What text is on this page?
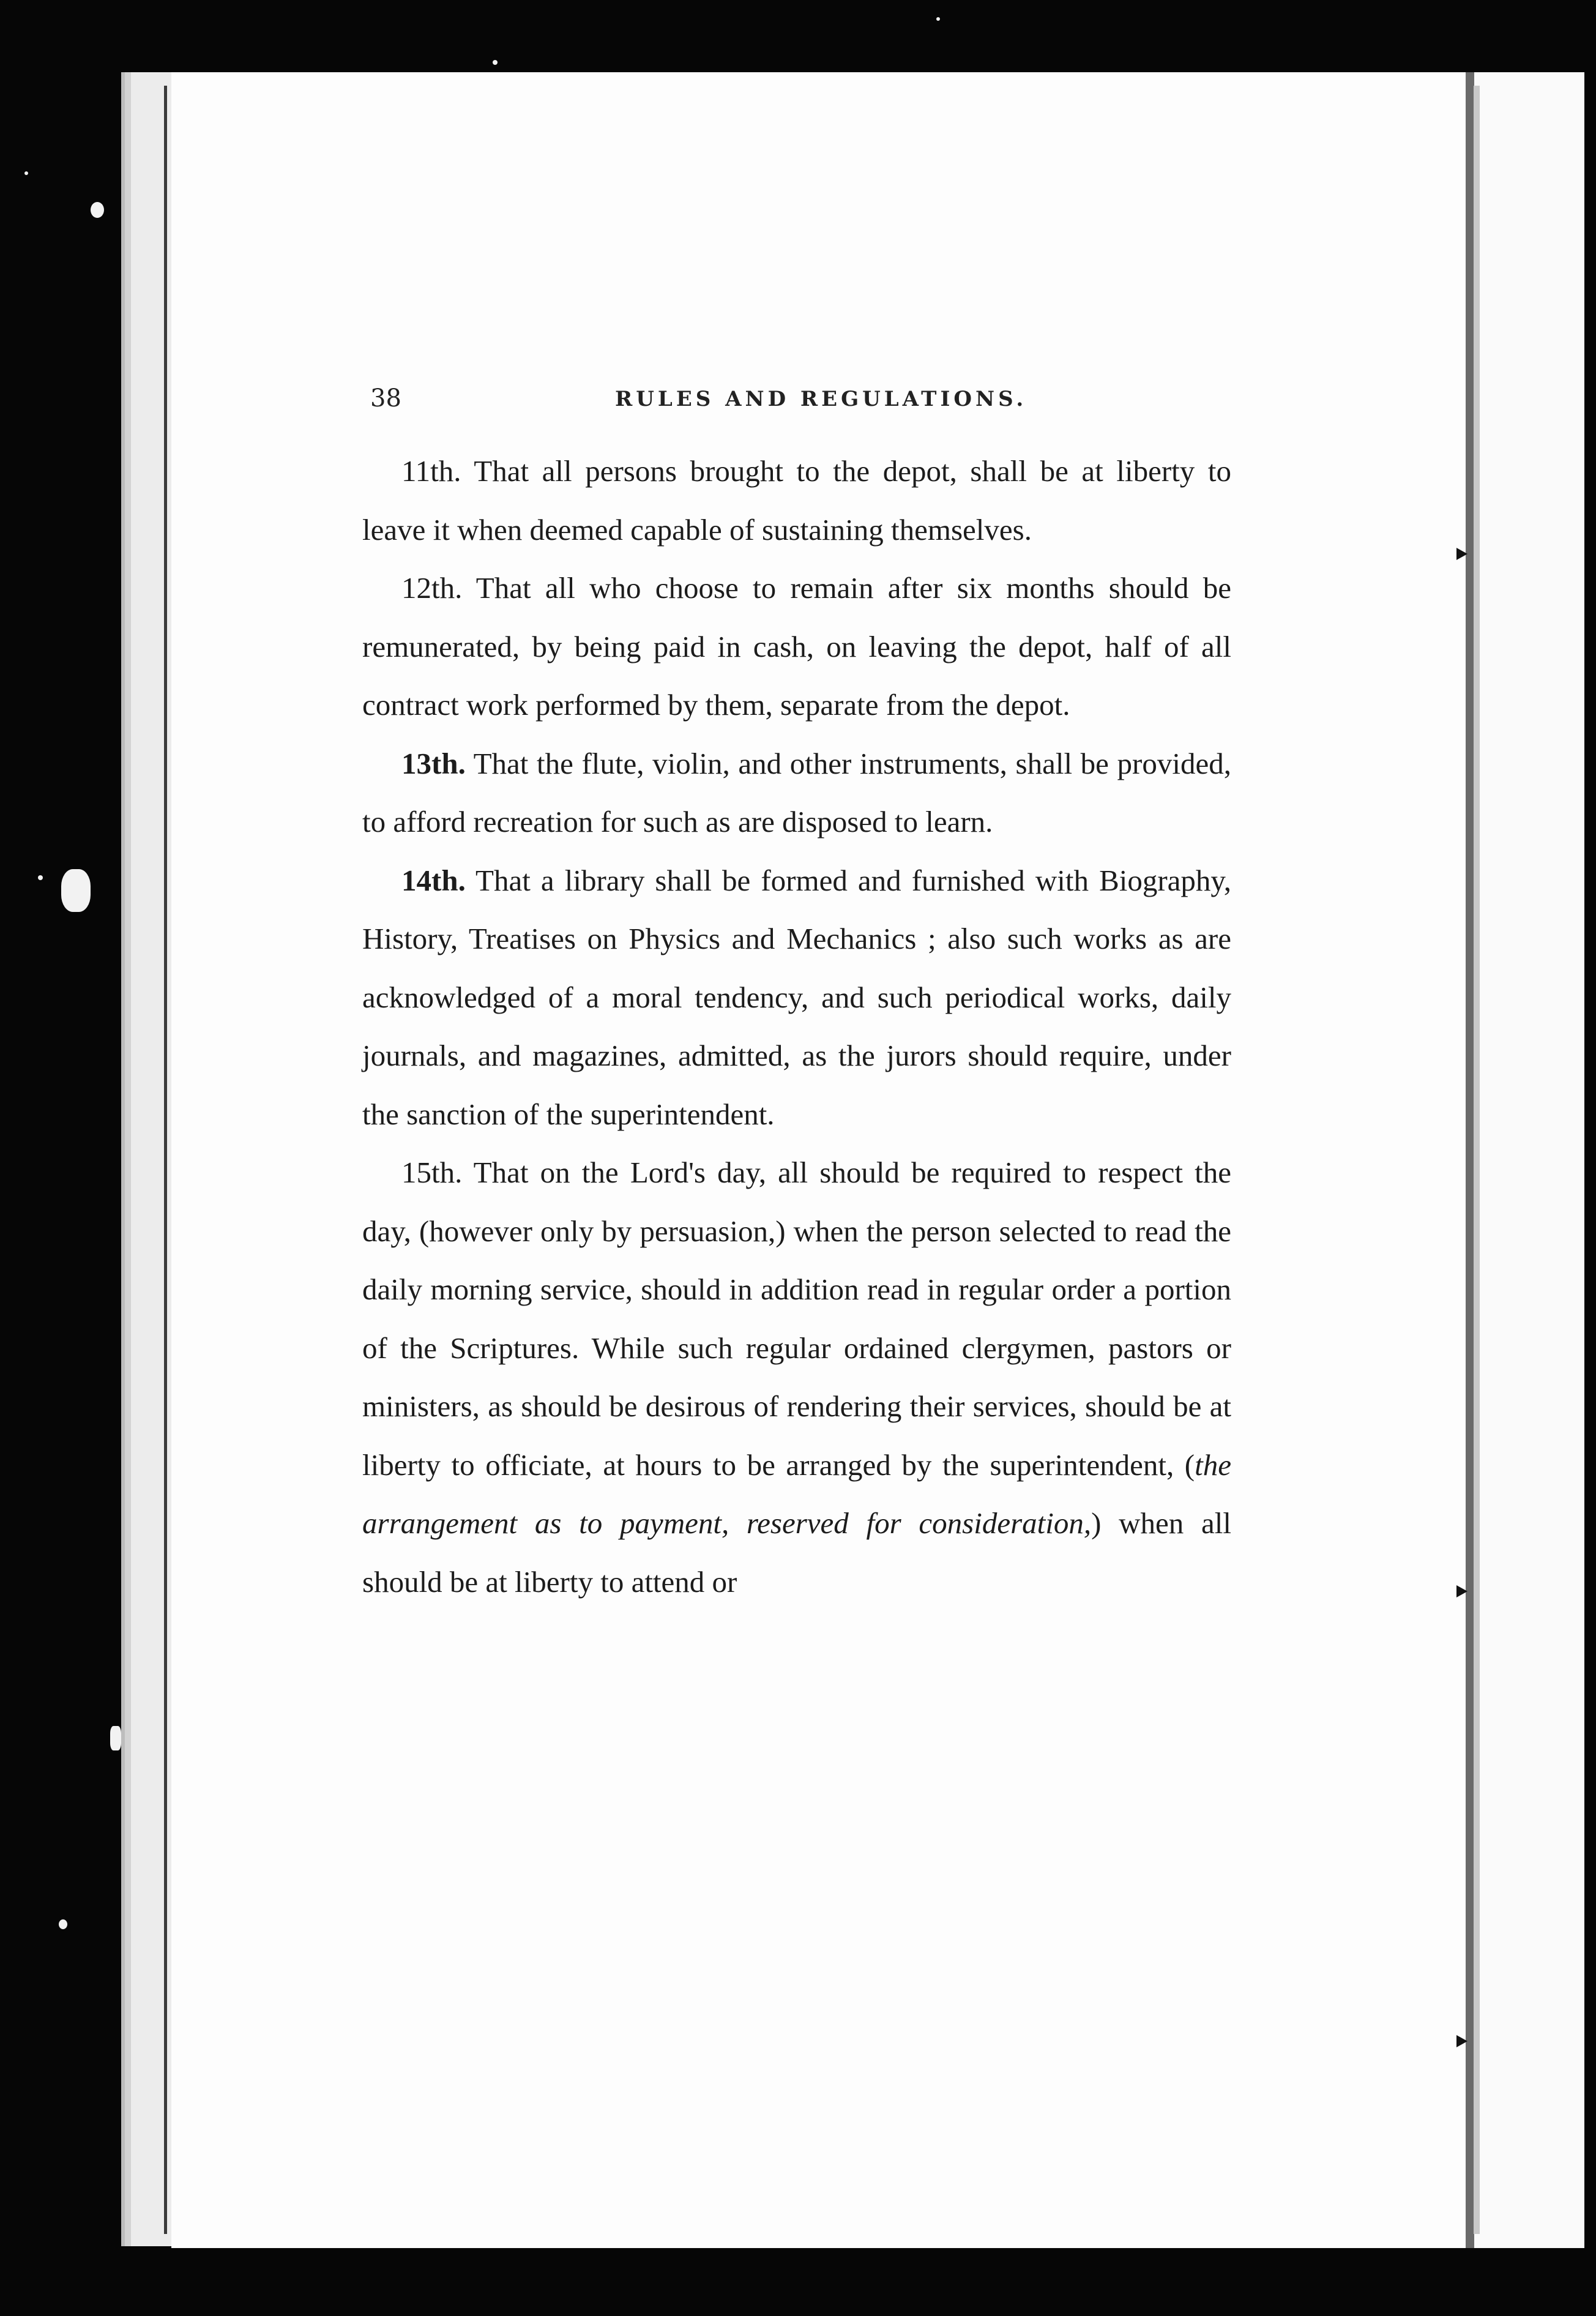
38	RULES AND REGULATIONS.

11th. That all persons brought to the depot, shall be at liberty to leave it when deemed capable of sustaining themselves.

12th. That all who choose to remain after six months should be remunerated, by being paid in cash, on leaving the depot, half of all contract work performed by them, separate from the depot.

13th. That the flute, violin, and other instruments, shall be provided, to afford recreation for such as are disposed to learn.

14th. That a library shall be formed and furnished with Biography, History, Treatises on Physics and Mechanics ; also such works as are acknowledged of a moral tendency, and such periodical works, daily journals, and magazines, admitted, as the jurors should require, under the sanction of the superintendent.

15th. That on the Lord's day, all should be required to respect the day, (however only by persuasion,) when the person selected to read the daily morning service, should in addition read in regular order a portion of the Scriptures. While such regular ordained clergymen, pastors or ministers, as should be desirous of rendering their services, should be at liberty to officiate, at hours to be arranged by the superintendent, (the arrangement as to payment, reserved for consideration,) when all should be at liberty to attend or
